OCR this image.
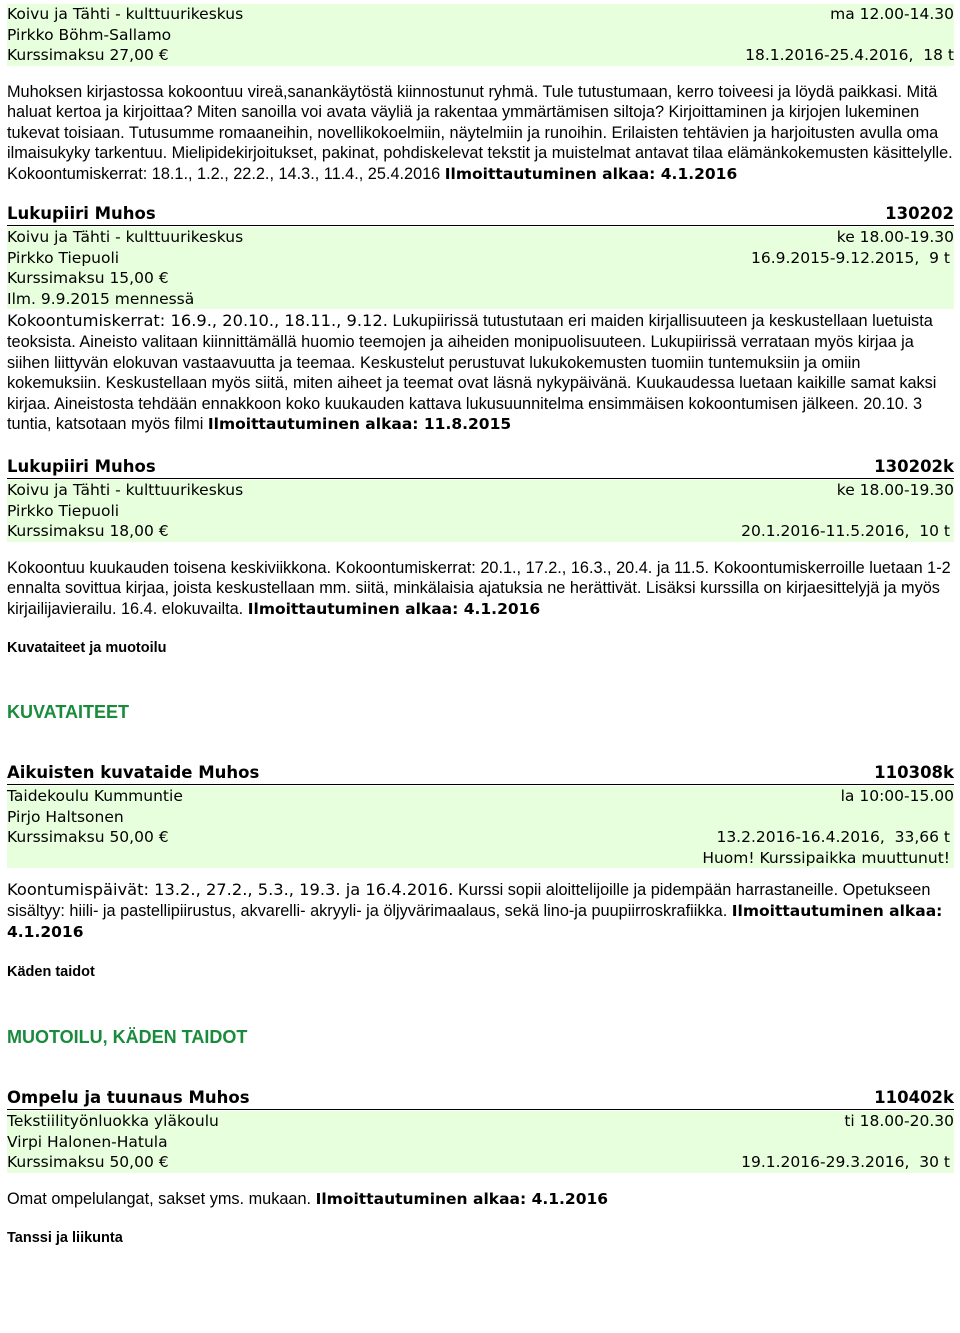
Koivu ja Tähti - kulttuurikeskus	ma 12.00-14.30
Pirkko Böhm-Sallamo
Kurssimaksu 27,00 €	18.1.2016-25.4.2016, 18 t
Muhoksen kirjastossa kokoontuu vireä,sanankäytöstä kiinnostunut ryhmä. Tule tutustumaan, kerro toiveesi ja löydä paikkasi. Mitä haluat kertoa ja kirjoittaa? Miten sanoilla voi avata väyliä ja rakentaa ymmärtämisen siltoja? Kirjoittaminen ja kirjojen lukeminen tukevat toisiaan. Tutusumme romaaneihin, novellikokoelmiin, näytelmiin ja runoihin. Erilaisten tehtävien ja harjoitusten avulla oma ilmaisukyky tarkentuu. Mielipidekirjoitukset, pakinat, pohdiskelevat tekstit ja muistelmat antavat tilaa elämänkokemusten käsittelylle. Kokoontumiskerrat: 18.1., 1.2., 22.2., 14.3., 11.4., 25.4.2016 Ilmoittautuminen alkaa: 4.1.2016
Lukupiiri Muhos	130202
Koivu ja Tähti - kulttuurikeskus	ke 18.00-19.30
Pirkko Tiepuoli	16.9.2015-9.12.2015, 9 t
Kurssimaksu 15,00 €
Ilm. 9.9.2015 mennessä
Kokoontumiskerrat: 16.9., 20.10., 18.11., 9.12. Lukupiirissä tutustutaan eri maiden kirjallisuuteen ja keskustellaan luetuista teoksista. Aineisto valitaan kiinnittämällä huomio teemojen ja aiheiden monipuolisuuteen. Lukupiirissä verrataan myös kirjaa ja siihen liittyvän elokuvan vastaavuutta ja teemaa. Keskustelut perustuvat lukukokemusten tuomiin tuntemuksiin ja omiin kokemuksiin. Keskustellaan myös siitä, miten aiheet ja teemat ovat läsnä nykypäivänä. Kuukaudessa luetaan kaikille samat kaksi kirjaa. Aineistosta tehdään ennakkoon koko kuukauden kattava lukusuunnitelma ensimmäisen kokoontumisen jälkeen. 20.10. 3 tuntia, katsotaan myös filmi Ilmoittautuminen alkaa: 11.8.2015
Lukupiiri Muhos	130202k
Koivu ja Tähti - kulttuurikeskus	ke 18.00-19.30
Pirkko Tiepuoli
Kurssimaksu 18,00 €	20.1.2016-11.5.2016, 10 t
Kokoontuu kuukauden toisena keskiviikkona. Kokoontumiskerrat: 20.1., 17.2., 16.3., 20.4. ja 11.5. Kokoontumiskerroille luetaan 1-2 ennalta sovittua kirjaa, joista keskustellaan mm. siitä, minkälaisia ajatuksia ne herättivät. Lisäksi kurssilla on kirjaesittelyjä ja myös kirjailijavierailu. 16.4. elokuvailta. Ilmoittautuminen alkaa: 4.1.2016
Kuvataiteet ja muotoilu
KUVATAITEET
Aikuisten kuvataide Muhos	110308k
Taidekoulu Kummuntie	la 10:00-15.00
Pirjo Haltsonen
Kurssimaksu 50,00 €	13.2.2016-16.4.2016, 33,66 t
Huom! Kurssipaikka muuttunut!
Koontumispäivät: 13.2., 27.2., 5.3., 19.3. ja 16.4.2016. Kurssi sopii aloittelijoille ja pidempään harrastaneille. Opetukseen sisältyy: hiili- ja pastellipiirustus, akvarelli- akryyli- ja öljyvärimaalaus, sekä lino-ja puupiirroskrafiikka. Ilmoittautuminen alkaa: 4.1.2016
Käden taidot
MUOTOILU, KÄDEN TAIDOT
Ompelu ja tuunaus Muhos	110402k
Tekstiilityönluokka yläkoulu	ti 18.00-20.30
Virpi Halonen-Hatula
Kurssimaksu 50,00 €	19.1.2016-29.3.2016, 30 t
Omat ompelulangat, sakset yms. mukaan. Ilmoittautuminen alkaa: 4.1.2016
Tanssi ja liikunta
